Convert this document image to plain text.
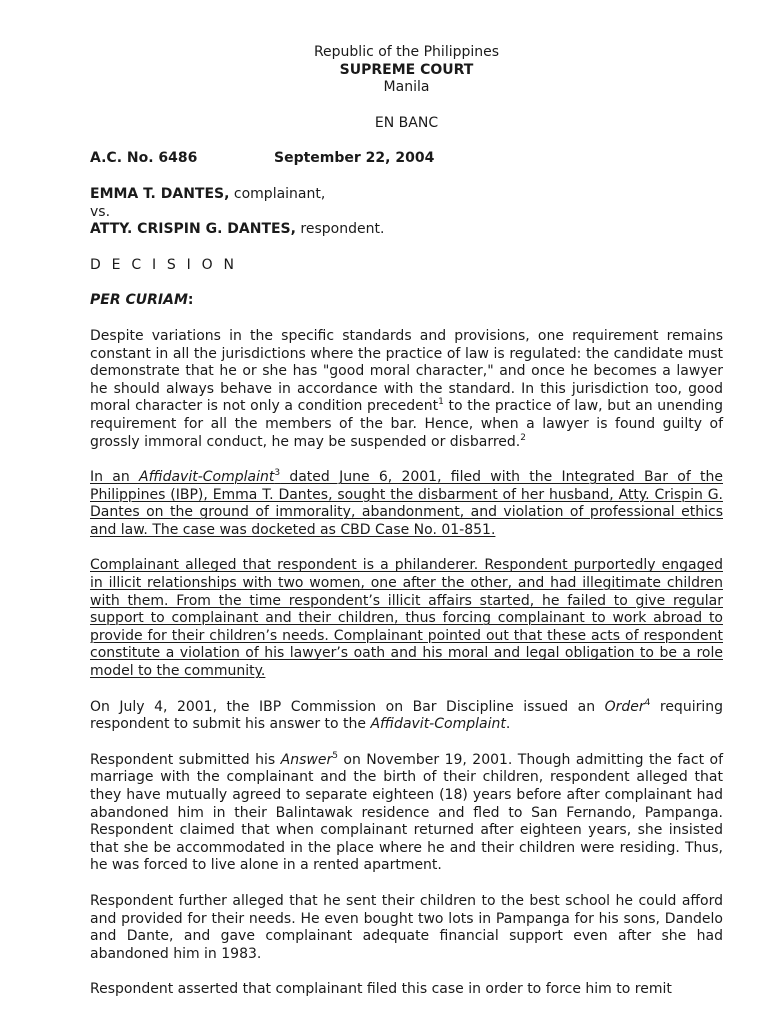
Republic of the Philippines
SUPREME COURT
Manila
EN BANC
A.C. No. 6486	September 22, 2004
EMMA T. DANTES, complainant,
vs.
ATTY. CRISPIN G. DANTES, respondent.
D E C I S I O N
PER CURIAM:
Despite variations in the specific standards and provisions, one requirement remains constant in all the jurisdictions where the practice of law is regulated: the candidate must demonstrate that he or she has "good moral character," and once he becomes a lawyer he should always behave in accordance with the standard. In this jurisdiction too, good moral character is not only a condition precedent$^1$ to the practice of law, but an unending requirement for all the members of the bar. Hence, when a lawyer is found guilty of grossly immoral conduct, he may be suspended or disbarred.$^2$
In an Affidavit-Complaint$^3$ dated June 6, 2001, filed with the Integrated Bar of the Philippines (IBP), Emma T. Dantes, sought the disbarment of her husband, Atty. Crispin G. Dantes on the ground of immorality, abandonment, and violation of professional ethics and law. The case was docketed as CBD Case No. 01-851.
Complainant alleged that respondent is a philanderer. Respondent purportedly engaged in illicit relationships with two women, one after the other, and had illegitimate children with them. From the time respondent’s illicit affairs started, he failed to give regular support to complainant and their children, thus forcing complainant to work abroad to provide for their children’s needs. Complainant pointed out that these acts of respondent constitute a violation of his lawyer’s oath and his moral and legal obligation to be a role model to the community.
On July 4, 2001, the IBP Commission on Bar Discipline issued an Order$^4$ requiring respondent to submit his answer to the Affidavit-Complaint.
Respondent submitted his Answer$^5$ on November 19, 2001. Though admitting the fact of marriage with the complainant and the birth of their children, respondent alleged that they have mutually agreed to separate eighteen (18) years before after complainant had abandoned him in their Balintawak residence and fled to San Fernando, Pampanga. Respondent claimed that when complainant returned after eighteen years, she insisted that she be accommodated in the place where he and their children were residing. Thus, he was forced to live alone in a rented apartment.
Respondent further alleged that he sent their children to the best school he could afford and provided for their needs. He even bought two lots in Pampanga for his sons, Dandelo and Dante, and gave complainant adequate financial support even after she had abandoned him in 1983.
Respondent asserted that complainant filed this case in order to force him to remit
